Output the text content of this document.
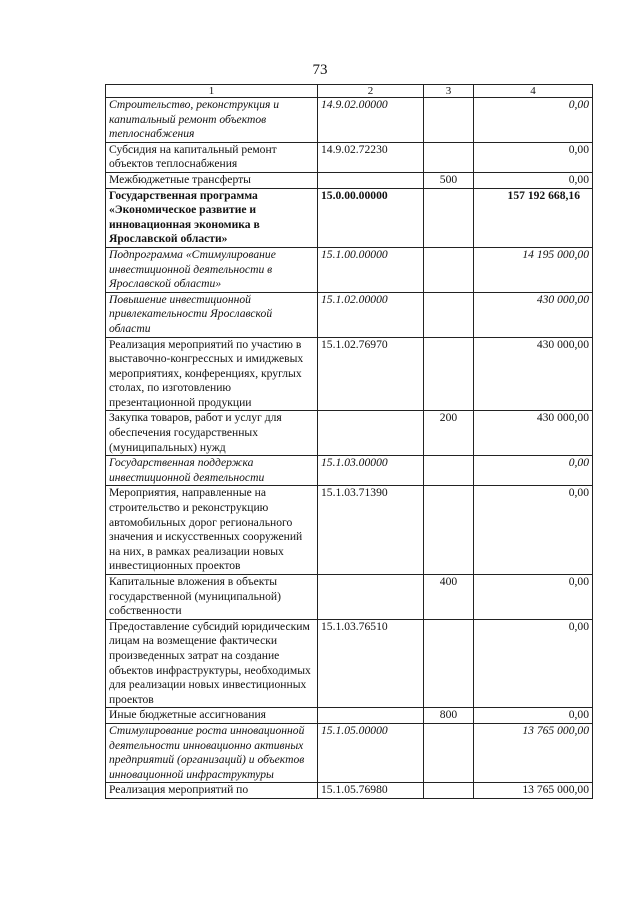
73
1	2	3	4
Строительство, реконструкция и капитальный ремонт объектов теплоснабжения	14.9.02.00000		0,00
Субсидия на капитальный ремонт объектов теплоснабжения	14.9.02.72230		0,00
Межбюджетные трансферты		500	0,00
Государственная программа «Экономическое развитие и инновационная экономика в Ярославской области»	15.0.00.00000		157 192 668,16
Подпрограмма «Стимулирование инвестиционной деятельности в Ярославской области»	15.1.00.00000		14 195 000,00
Повышение инвестиционной привлекательности Ярославской области	15.1.02.00000		430 000,00
Реализация мероприятий по участию в выставочно-конгрессных и имиджевых мероприятиях, конференциях, круглых столах, по изготовлению презентационной продукции	15.1.02.76970		430 000,00
Закупка товаров, работ и услуг для обеспечения государственных (муниципальных) нужд		200	430 000,00
Государственная поддержка инвестиционной деятельности	15.1.03.00000		0,00
Мероприятия, направленные на строительство и реконструкцию автомобильных дорог регионального значения и искусственных сооружений на них, в рамках реализации новых инвестиционных проектов	15.1.03.71390		0,00
Капитальные вложения в объекты государственной (муниципальной) собственности		400	0,00
Предоставление субсидий юридическим лицам на возмещение фактически произведенных затрат на создание объектов инфраструктуры, необходимых для реализации новых инвестиционных проектов	15.1.03.76510		0,00
Иные бюджетные ассигнования		800	0,00
Стимулирование роста инновационной деятельности инновационно активных предприятий (организаций) и объектов инновационной инфраструктуры	15.1.05.00000		13 765 000,00
Реализация мероприятий по	15.1.05.76980		13 765 000,00
